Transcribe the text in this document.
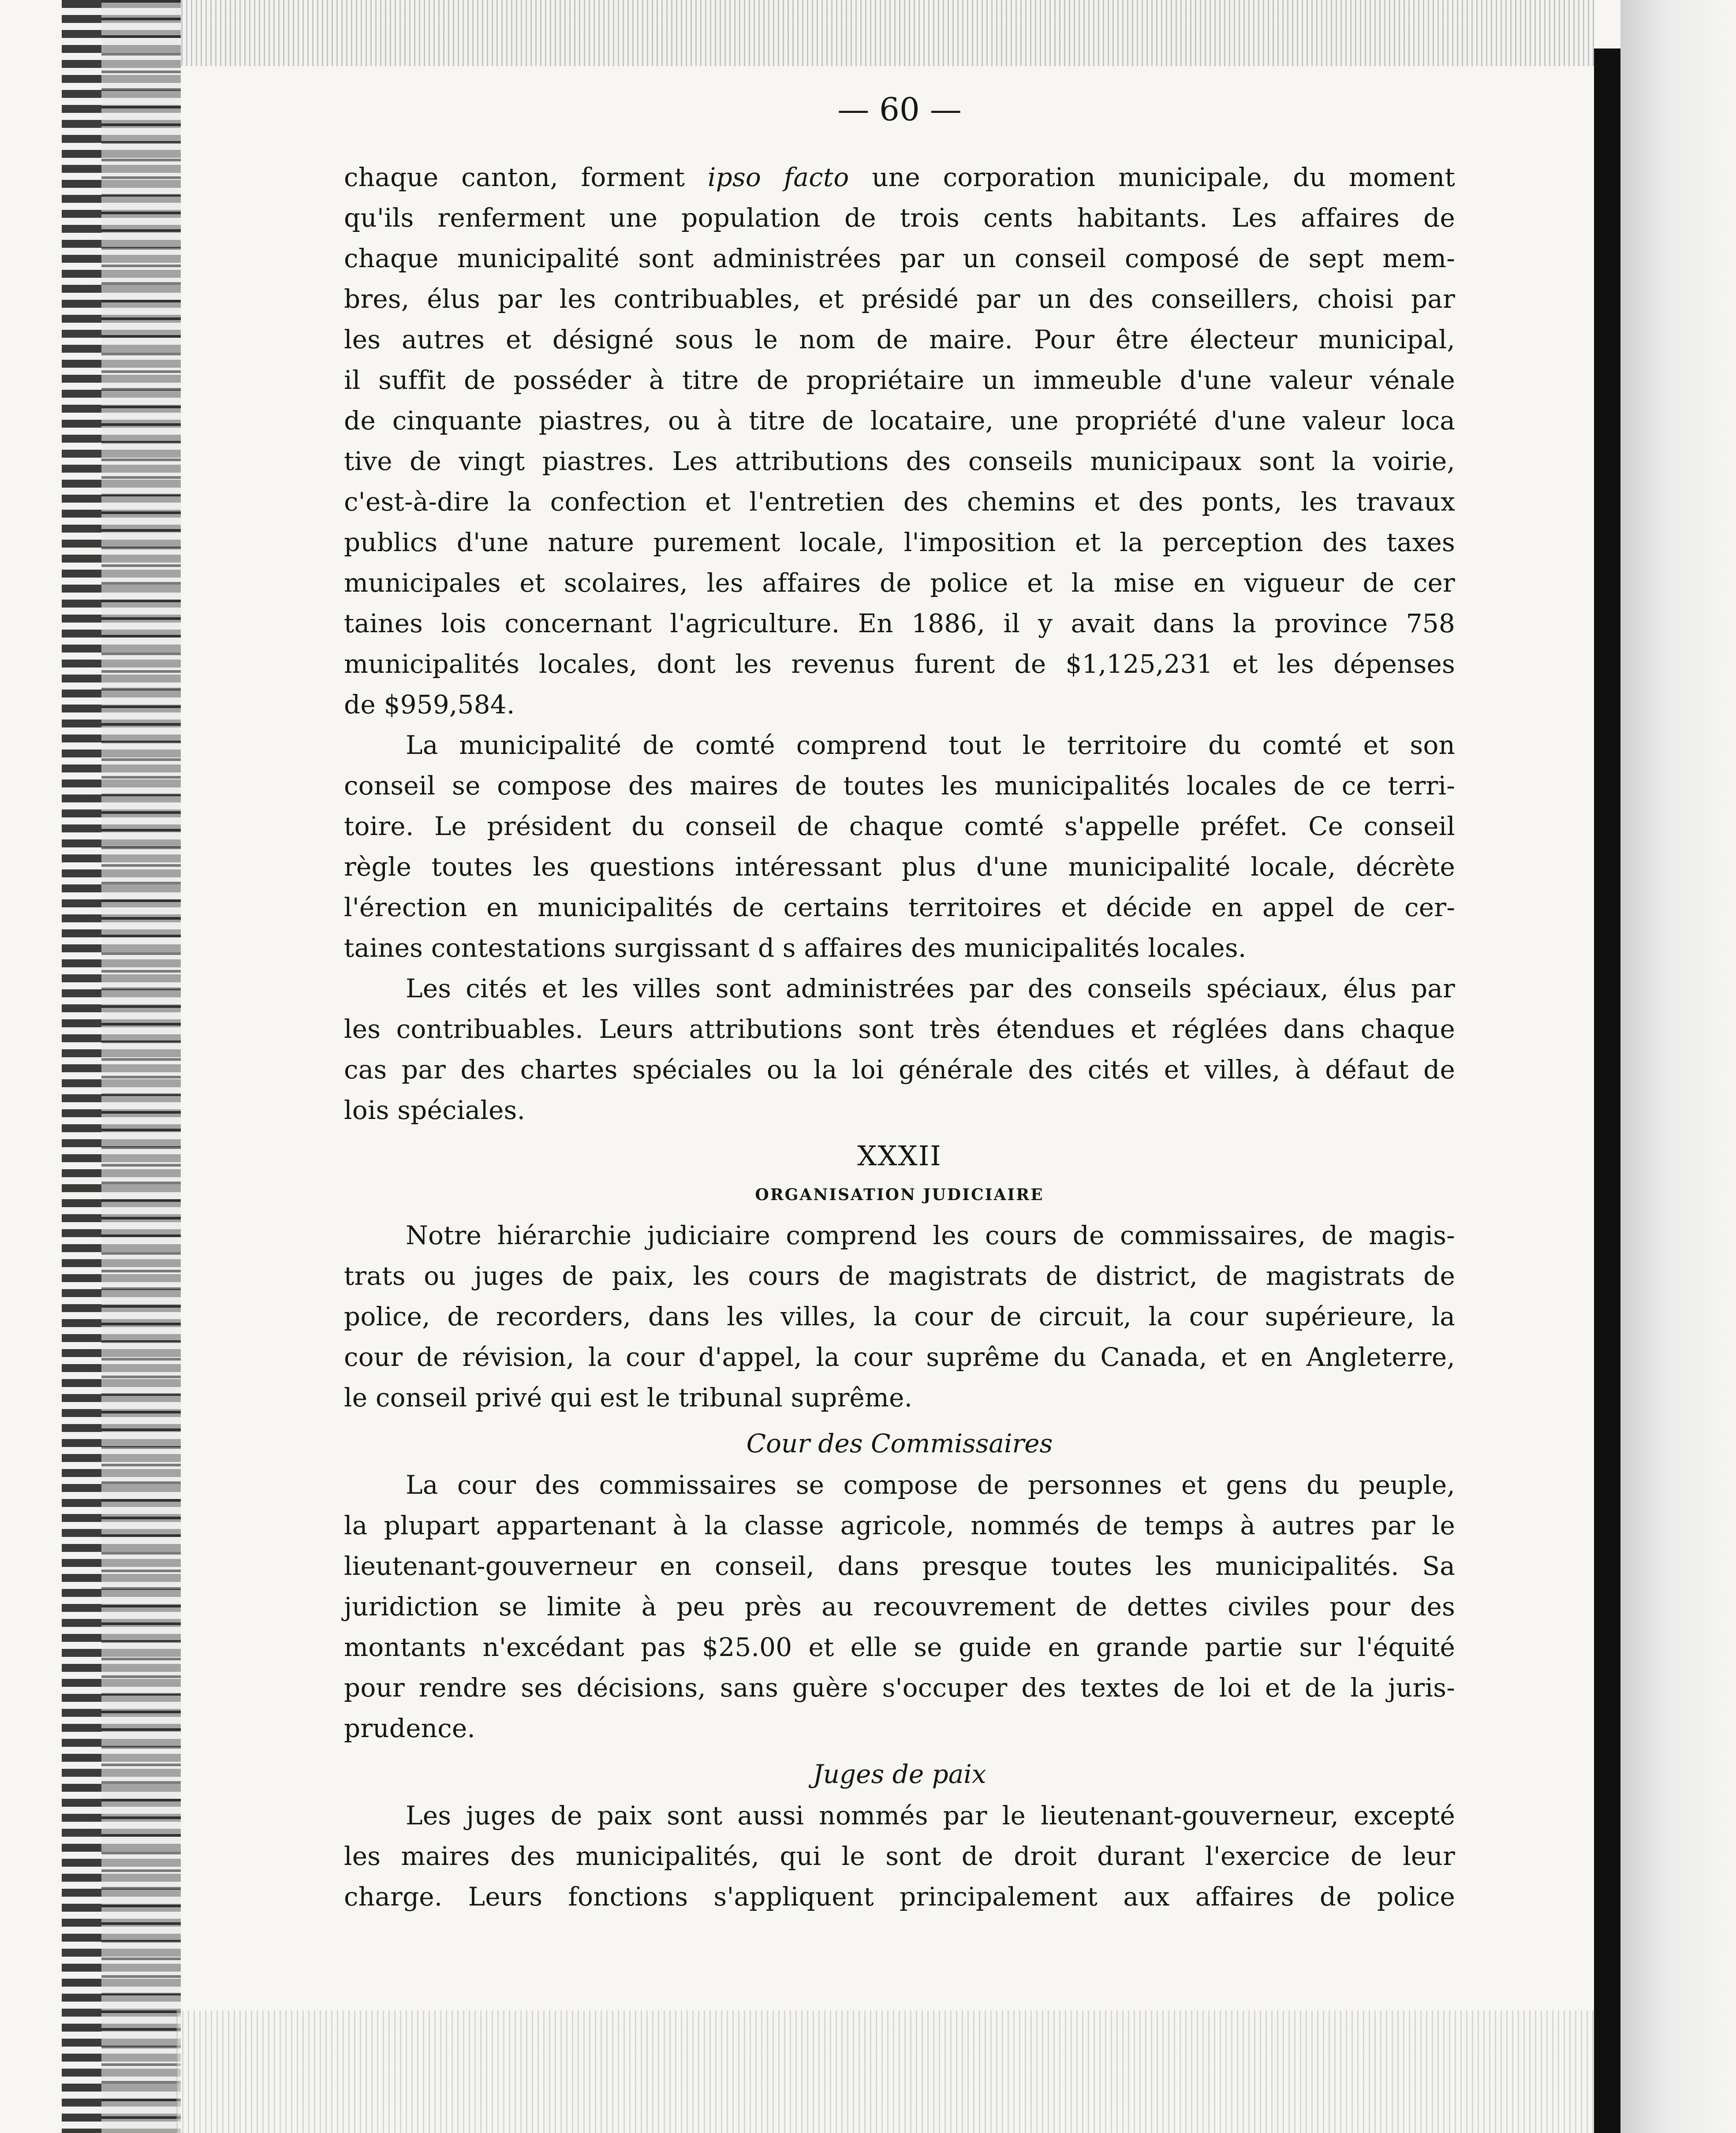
— 60 —
chaque canton, forment ipso facto une corporation municipale, du moment
qu'ils renferment une population de trois cents habitants. Les affaires de
chaque municipalité sont administrées par un conseil composé de sept mem-
bres, élus par les contribuables, et présidé par un des conseillers, choisi par
les autres et désigné sous le nom de maire. Pour être électeur municipal,
il suffit de posséder à titre de propriétaire un immeuble d'une valeur vénale
de cinquante piastres, ou à titre de locataire, une propriété d'une valeur loca
tive de vingt piastres. Les attributions des conseils municipaux sont la voirie,
c'est-à-dire la confection et l'entretien des chemins et des ponts, les travaux
publics d'une nature purement locale, l'imposition et la perception des taxes
municipales et scolaires, les affaires de police et la mise en vigueur de cer
taines lois concernant l'agriculture. En 1886, il y avait dans la province 758
municipalités locales, dont les revenus furent de $1,125,231 et les dépenses
de $959,584.
La municipalité de comté comprend tout le territoire du comté et son
conseil se compose des maires de toutes les municipalités locales de ce terri-
toire. Le président du conseil de chaque comté s'appelle préfet. Ce conseil
règle toutes les questions intéressant plus d'une municipalité locale, décrète
l'érection en municipalités de certains territoires et décide en appel de cer-
taines contestations surgissant d s affaires des municipalités locales.
Les cités et les villes sont administrées par des conseils spéciaux, élus par
les contribuables. Leurs attributions sont très étendues et réglées dans chaque
cas par des chartes spéciales ou la loi générale des cités et villes, à défaut de
lois spéciales.
XXXII
ORGANISATION JUDICIAIRE
Notre hiérarchie judiciaire comprend les cours de commissaires, de magis-
trats ou juges de paix, les cours de magistrats de district, de magistrats de
police, de recorders, dans les villes, la cour de circuit, la cour supérieure, la
cour de révision, la cour d'appel, la cour suprême du Canada, et en Angleterre,
le conseil privé qui est le tribunal suprême.
Cour des Commissaires
La cour des commissaires se compose de personnes et gens du peuple,
la plupart appartenant à la classe agricole, nommés de temps à autres par le
lieutenant-gouverneur en conseil, dans presque toutes les municipalités. Sa
juridiction se limite à peu près au recouvrement de dettes civiles pour des
montants n'excédant pas $25.00 et elle se guide en grande partie sur l'équité
pour rendre ses décisions, sans guère s'occuper des textes de loi et de la juris-
prudence.
Juges de paix
Les juges de paix sont aussi nommés par le lieutenant-gouverneur, excepté
les maires des municipalités, qui le sont de droit durant l'exercice de leur
charge. Leurs fonctions s'appliquent principalement aux affaires de police
